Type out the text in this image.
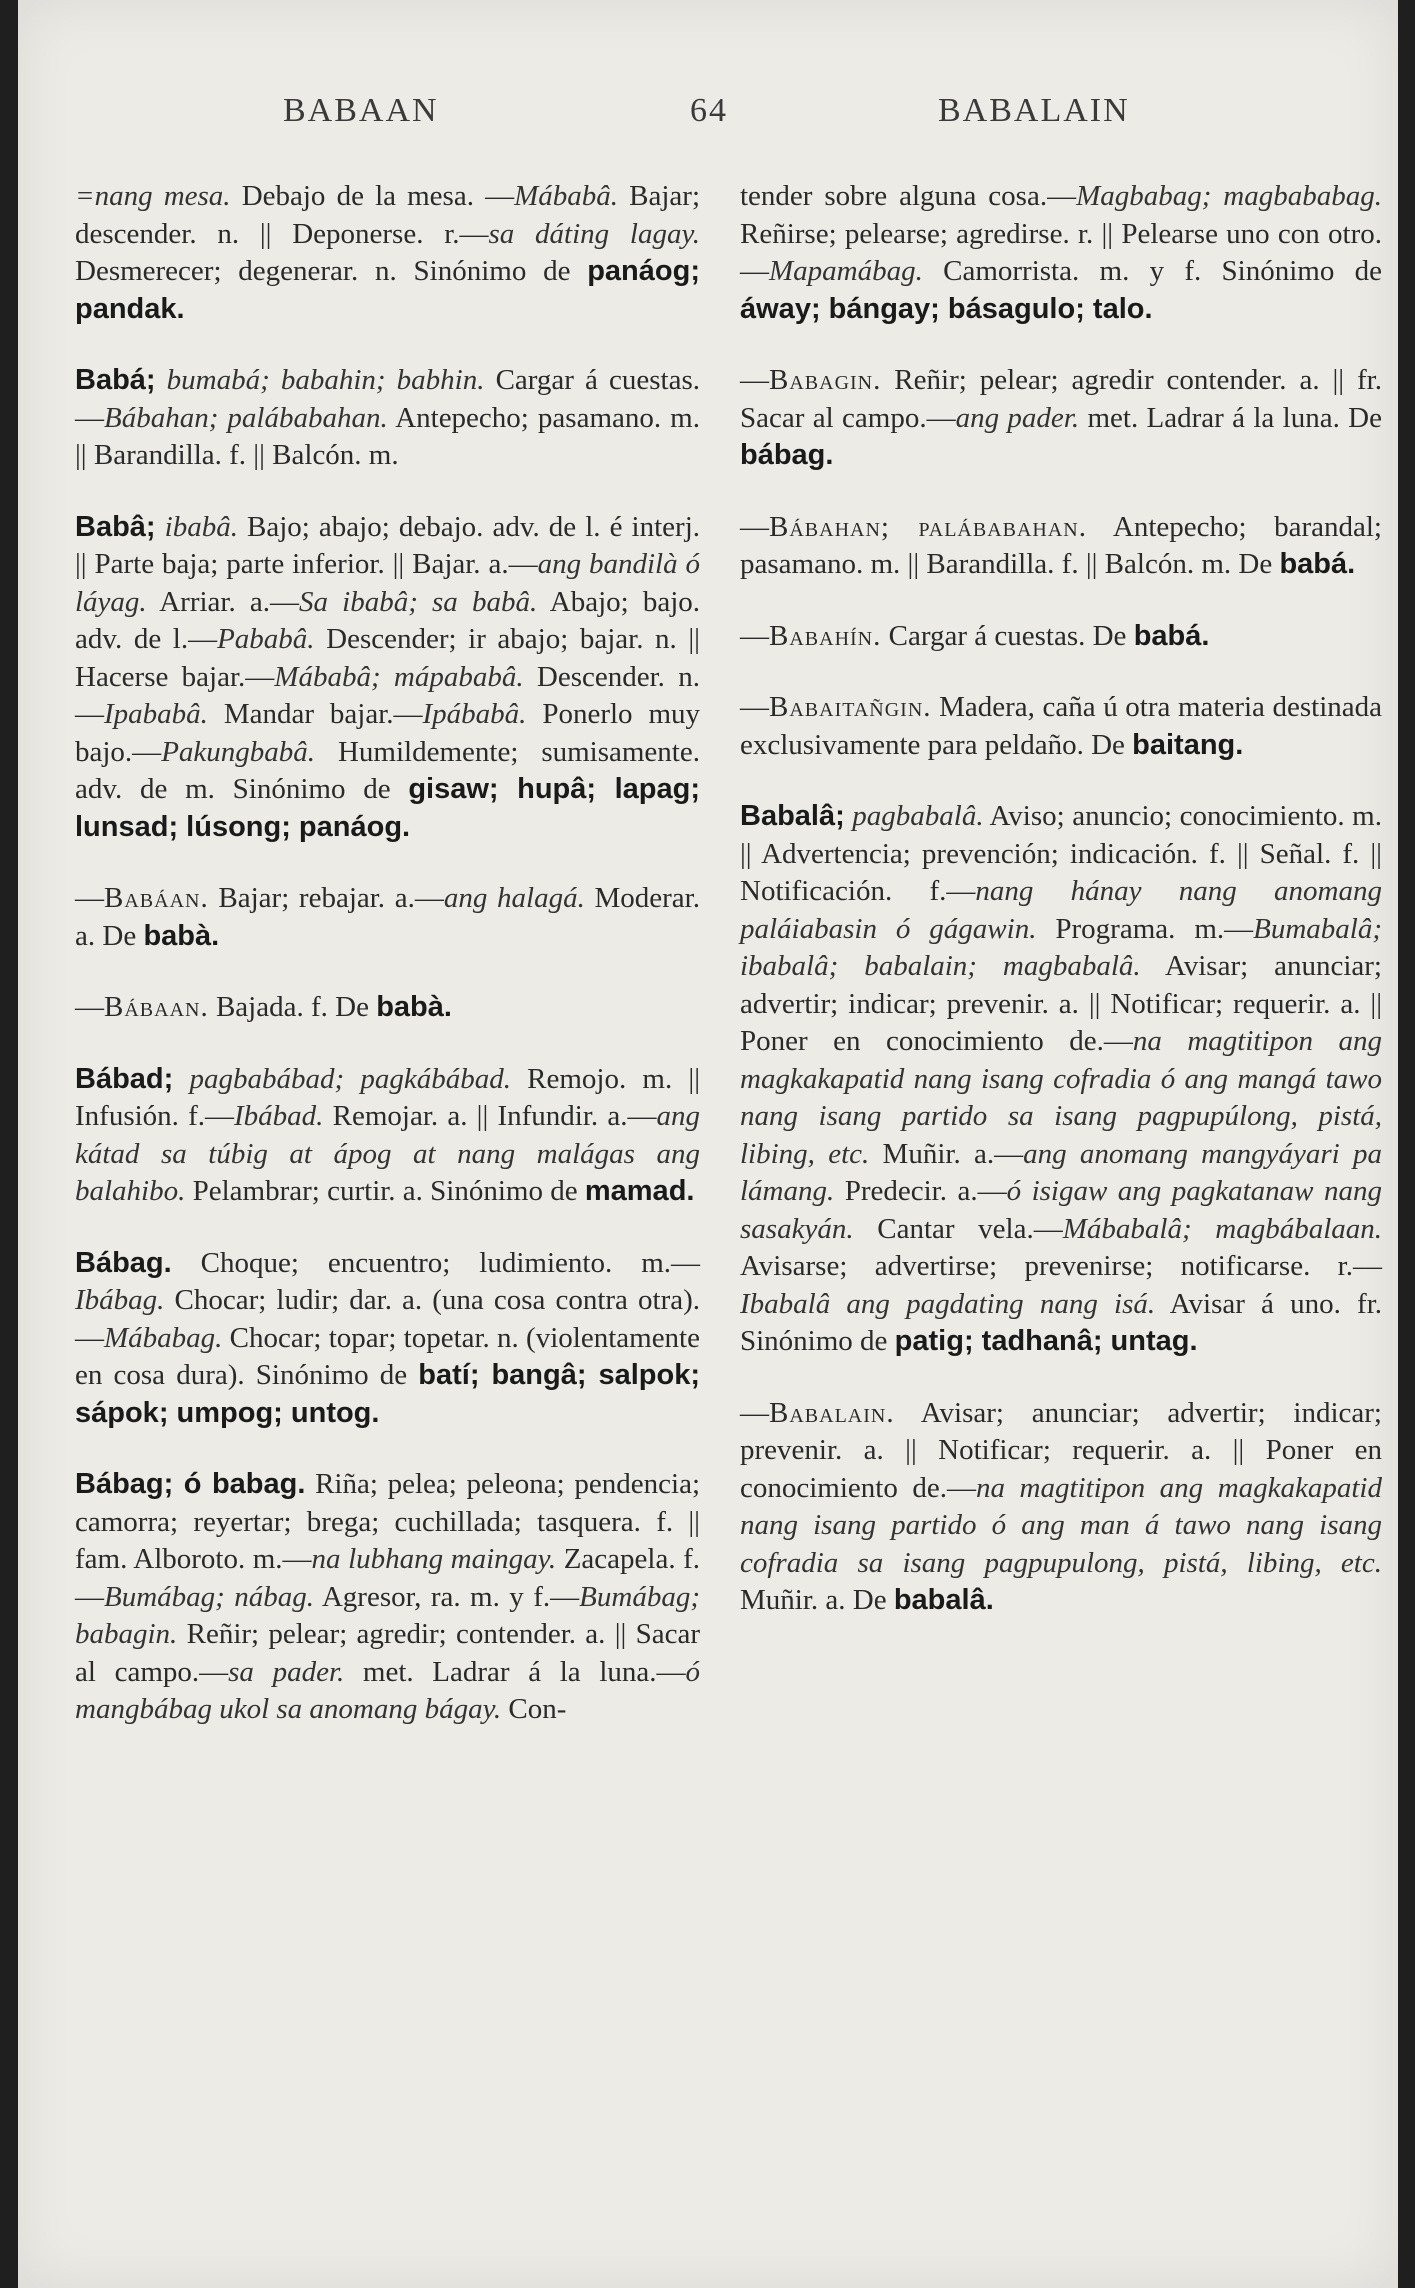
BABAAN	64	BABALAIN

=nang mesa. Debajo de la mesa. —Mábabâ. Bajar; descender. n. || Deponerse. r.—sa dáting lagay. Desmerecer; degenerar. n. Sinónimo de panáog; pandak.

Babá; bumabá; babahin; babhin. Cargar á cuestas.—Bábahan; palábabahan. Antepecho; pasamano. m. || Barandilla. f. || Balcón. m.

Babâ; ibabâ. Bajo; abajo; debajo. adv. de l. é interj. || Parte baja; parte inferior. || Bajar. a.—ang bandilà ó láyag. Arriar. a.—Sa ibabâ; sa babâ. Abajo; bajo. adv. de l.—Pababâ. Descender; ir abajo; bajar. n. || Hacerse bajar.—Mábabâ; mápababâ. Descender. n.—Ipababâ. Mandar bajar.—Ipábabâ. Ponerlo muy bajo.—Pakungbabâ. Humildemente; sumisamente. adv. de m. Sinónimo de gisaw; hupâ; lapag; lunsad; lúsong; panáog.

—Babáan. Bajar; rebajar. a.—ang halagá. Moderar. a. De babà.

—Bábaan. Bajada. f. De babà.

Bábad; pagbabábad; pagkábábad. Remojo. m. || Infusión. f.—Ibábad. Remojar. a. || Infundir. a.—ang kátad sa túbig at ápog at nang malágas ang balahibo. Pelambrar; curtir. a. Sinónimo de mamad.

Bábag. Choque; encuentro; ludimiento. m.—Ibábag. Chocar; ludir; dar. a. (una cosa contra otra).—Mábabag. Chocar; topar; topetar. n. (violentamente en cosa dura). Sinónimo de batí; bangâ; salpok; sápok; umpog; untog.

Bábag; ó babag. Riña; pelea; peleona; pendencia; camorra; reyertar; brega; cuchillada; tasquera. f. || fam. Alboroto. m.—na lubhang maingay. Zacapela. f.—Bumábag; nábag. Agresor, ra. m. y f.—Bumábag; babagin. Reñir; pelear; agredir; contender. a. || Sacar al campo.—sa pader. met. Ladrar á la luna.—ó mangbábag ukol sa anomang bágay. Con-

tender sobre alguna cosa.—Magbabag; magbababag. Reñirse; pelearse; agredirse. r. || Pelearse uno con otro. —Mapamábag. Camorrista. m. y f. Sinónimo de áway; bángay; básagulo; talo.

—Babagin. Reñir; pelear; agredir contender. a. || fr. Sacar al campo.—ang pader. met. Ladrar á la luna. De bábag.

—Bábahan; palábabahan. Antepecho; barandal; pasamano. m. || Barandilla. f. || Balcón. m. De babá.

—Babahín. Cargar á cuestas. De babá.

—Babaitañgin. Madera, caña ú otra materia destinada exclusivamente para peldaño. De baitang.

Babalâ; pagbabalâ. Aviso; anuncio; conocimiento. m. || Advertencia; prevención; indicación. f. || Señal. f. || Notificación. f.—nang hánay nang anomang paláiabasin ó gágawin. Programa. m.—Bumabalâ; ibabalâ; babalain; magbabalâ. Avisar; anunciar; advertir; indicar; prevenir. a. || Notificar; requerir. a. || Poner en conocimiento de.—na magtitipon ang magkakapatid nang isang cofradia ó ang mangá tawo nang isang partido sa isang pagpupúlong, pistá, libing, etc. Muñir. a.—ang anomang mangyáyari pa lámang. Predecir. a.—ó isigaw ang pagkatanaw nang sasakyán. Cantar vela.—Mábabalâ; magbábalaan. Avisarse; advertirse; prevenirse; notificarse. r.—Ibabalâ ang pagdating nang isá. Avisar á uno. fr. Sinónimo de patig; tadhanâ; untag.

—Babalain. Avisar; anunciar; advertir; indicar; prevenir. a. || Notificar; requerir. a. || Poner en conocimiento de.—na magtitipon ang magkakapatid nang isang partido ó ang man á tawo nang isang cofradia sa isang pagpupulong, pistá, libing, etc. Muñir. a. De babalâ.
